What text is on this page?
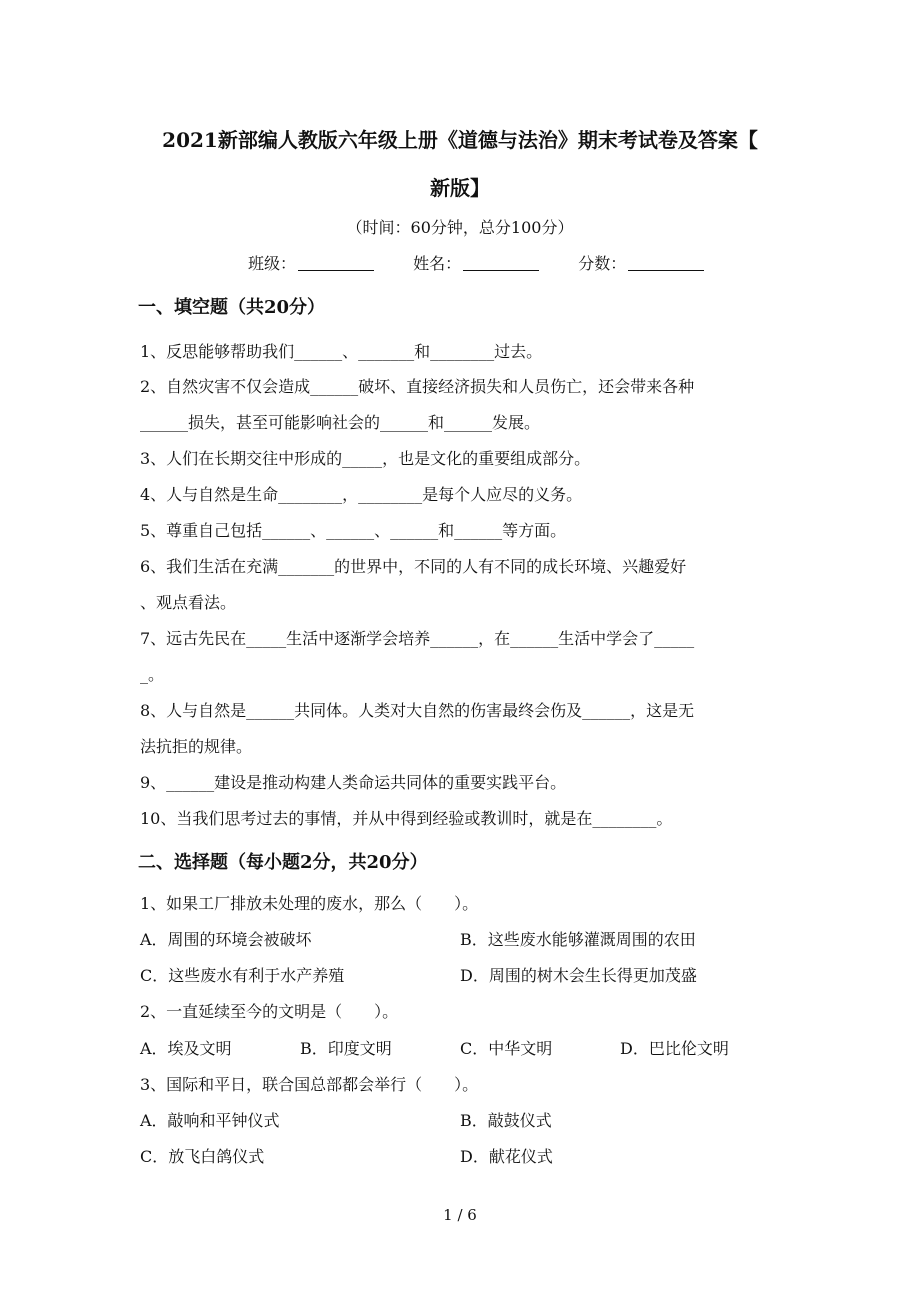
2021新部编人教版六年级上册《道德与法治》期末考试卷及答案【
新版】
（时间：60分钟，总分100分）
班级：	姓名：	分数：
一、填空题（共20分）
1、反思能够帮助我们______、_______和________过去。
2、自然灾害不仅会造成______破坏、直接经济损失和人员伤亡，还会带来各种
______损失，甚至可能影响社会的______和______发展。
3、人们在长期交往中形成的_____，也是文化的重要组成部分。
4、人与自然是生命________，________是每个人应尽的义务。
5、尊重自己包括______、______、______和______等方面。
6、我们生活在充满_______的世界中，不同的人有不同的成长环境、兴趣爱好
、观点看法。
7、远古先民在_____生活中逐渐学会培养______，在______生活中学会了_____
_。
8、人与自然是______共同体。人类对大自然的伤害最终会伤及______，这是无
法抗拒的规律。
9、______建设是推动构建人类命运共同体的重要实践平台。
10、当我们思考过去的事情，并从中得到经验或教训时，就是在________。
二、选择题（每小题2分，共20分）
1、如果工厂排放未处理的废水，那么（　　）。
A．周围的环境会被破坏	B．这些废水能够灌溉周围的农田
C．这些废水有利于水产养殖	D．周围的树木会生长得更加茂盛
2、一直延续至今的文明是（　　）。
A．埃及文明	B．印度文明	C．中华文明	D．巴比伦文明
3、国际和平日，联合国总部都会举行（　　）。
A．敲响和平钟仪式	B．敲鼓仪式
C．放飞白鸽仪式	D．献花仪式
1 / 6
